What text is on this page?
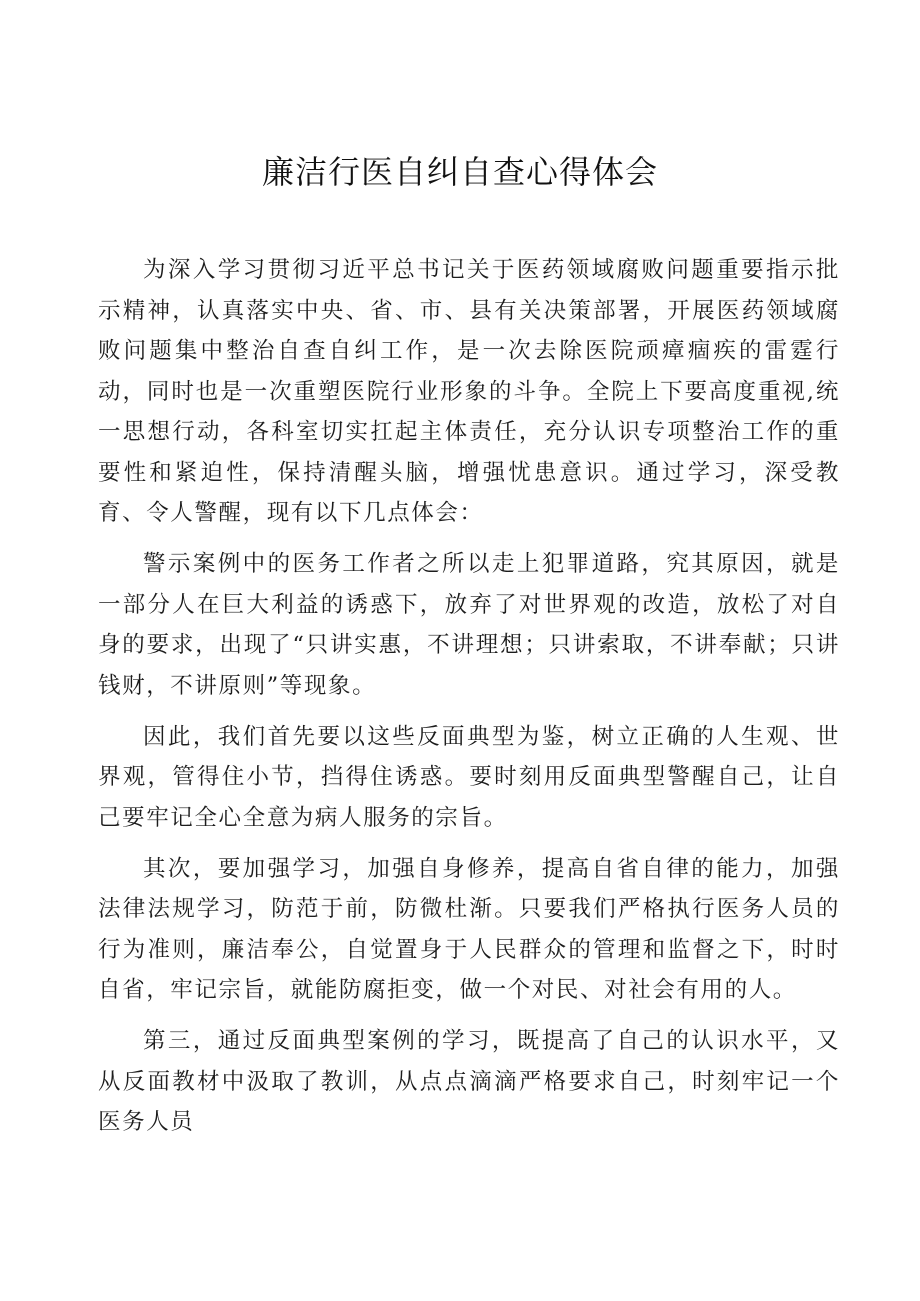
廉洁行医自纠自查心得体会

为深入学习贯彻习近平总书记关于医药领域腐败问题重要指示批示精神，认真落实中央、省、市、县有关决策部署，开展医药领域腐败问题集中整治自查自纠工作，是一次去除医院顽瘴痼疾的雷霆行动，同时也是一次重塑医院行业形象的斗争。全院上下要高度重视,统一思想行动，各科室切实扛起主体责任，充分认识专项整治工作的重要性和紧迫性，保持清醒头脑，增强忧患意识。通过学习，深受教育、令人警醒，现有以下几点体会：

警示案例中的医务工作者之所以走上犯罪道路，究其原因，就是一部分人在巨大利益的诱惑下，放弃了对世界观的改造，放松了对自身的要求，出现了“只讲实惠，不讲理想；只讲索取，不讲奉献；只讲钱财，不讲原则”等现象。

因此，我们首先要以这些反面典型为鉴，树立正确的人生观、世界观，管得住小节，挡得住诱惑。要时刻用反面典型警醒自己，让自己要牢记全心全意为病人服务的宗旨。

其次，要加强学习，加强自身修养，提高自省自律的能力，加强法律法规学习，防范于前，防微杜渐。只要我们严格执行医务人员的行为准则，廉洁奉公，自觉置身于人民群众的管理和监督之下，时时自省，牢记宗旨，就能防腐拒变，做一个对民、对社会有用的人。

第三，通过反面典型案例的学习，既提高了自己的认识水平，又从反面教材中汲取了教训，从点点滴滴严格要求自己，时刻牢记一个医务人员
